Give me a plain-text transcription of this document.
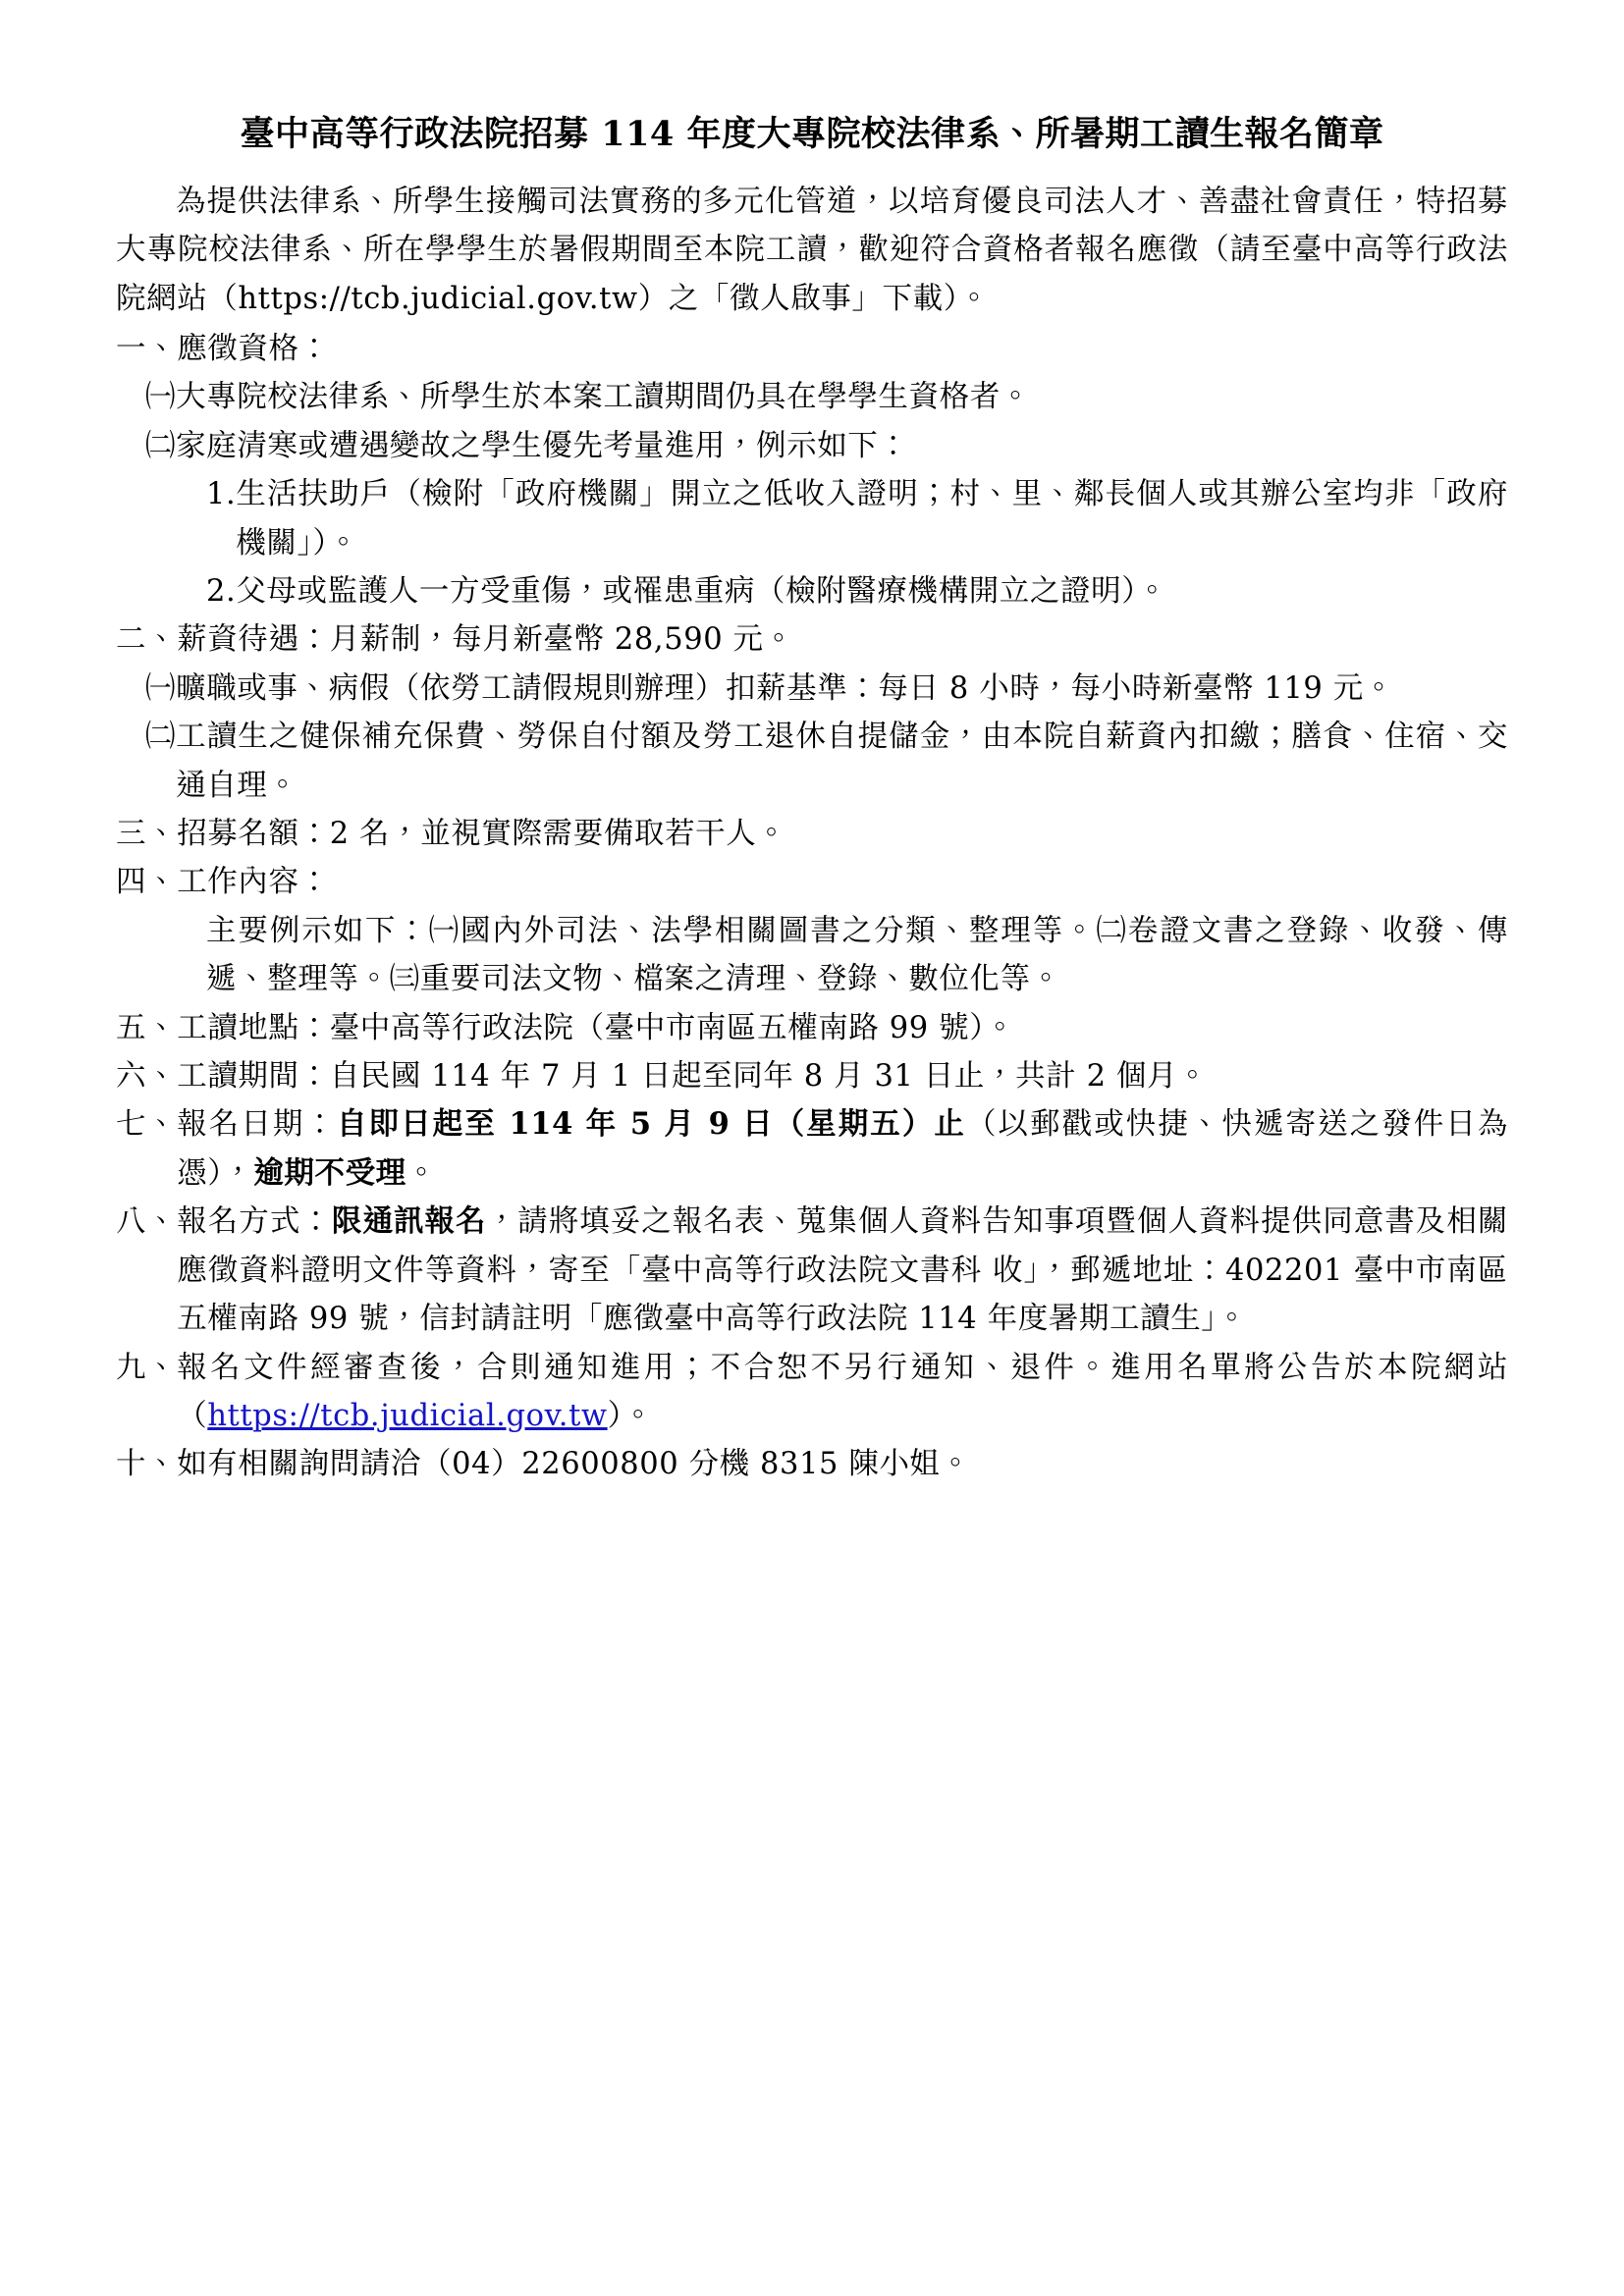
臺中高等行政法院招募 114 年度大專院校法律系、所暑期工讀生報名簡章

為提供法律系、所學生接觸司法實務的多元化管道，以培育優良司法人才、善盡社會責任，特招募大專院校法律系、所在學學生於暑假期間至本院工讀，歡迎符合資格者報名應徵（請至臺中高等行政法院網站（https://tcb.judicial.gov.tw）之「徵人啟事」下載）。

一、 應徵資格：
㈠ 大專院校法律系、所學生於本案工讀期間仍具在學學生資格者。
㈡ 家庭清寒或遭遇變故之學生優先考量進用，例示如下：
1. 生活扶助戶（檢附「政府機關」開立之低收入證明；村、里、鄰長個人或其辦公室均非「政府機關」）。
2. 父母或監護人一方受重傷，或罹患重病（檢附醫療機構開立之證明）。
二、 薪資待遇：月薪制，每月新臺幣 28,590 元。
㈠ 曠職或事、病假（依勞工請假規則辦理）扣薪基準：每日 8 小時，每小時新臺幣 119 元。
㈡ 工讀生之健保補充保費、勞保自付額及勞工退休自提儲金，由本院自薪資內扣繳；膳食、住宿、交通自理。
三、 招募名額：2 名，並視實際需要備取若干人。
四、 工作內容：
主要例示如下：㈠國內外司法、法學相關圖書之分類、整理等。㈡卷證文書之登錄、收發、傳遞、整理等。㈢重要司法文物、檔案之清理、登錄、數位化等。
五、 工讀地點：臺中高等行政法院（臺中市南區五權南路 99 號）。
六、 工讀期間：自民國 114 年 7 月 1 日起至同年 8 月 31 日止，共計 2 個月。
七、 報名日期：自即日起至 114 年 5 月 9 日（星期五）止（以郵戳或快捷、快遞寄送之發件日為憑），逾期不受理。
八、 報名方式：限通訊報名，請將填妥之報名表、蒐集個人資料告知事項暨個人資料提供同意書及相關應徵資料證明文件等資料，寄至「臺中高等行政法院文書科 收」，郵遞地址：402201 臺中市南區五權南路 99 號，信封請註明「應徵臺中高等行政法院 114 年度暑期工讀生」。
九、 報名文件經審查後，合則通知進用；不合恕不另行通知、退件。進用名單將公告於本院網站（https://tcb.judicial.gov.tw）。
十、 如有相關詢問請洽（04）22600800 分機 8315 陳小姐。
